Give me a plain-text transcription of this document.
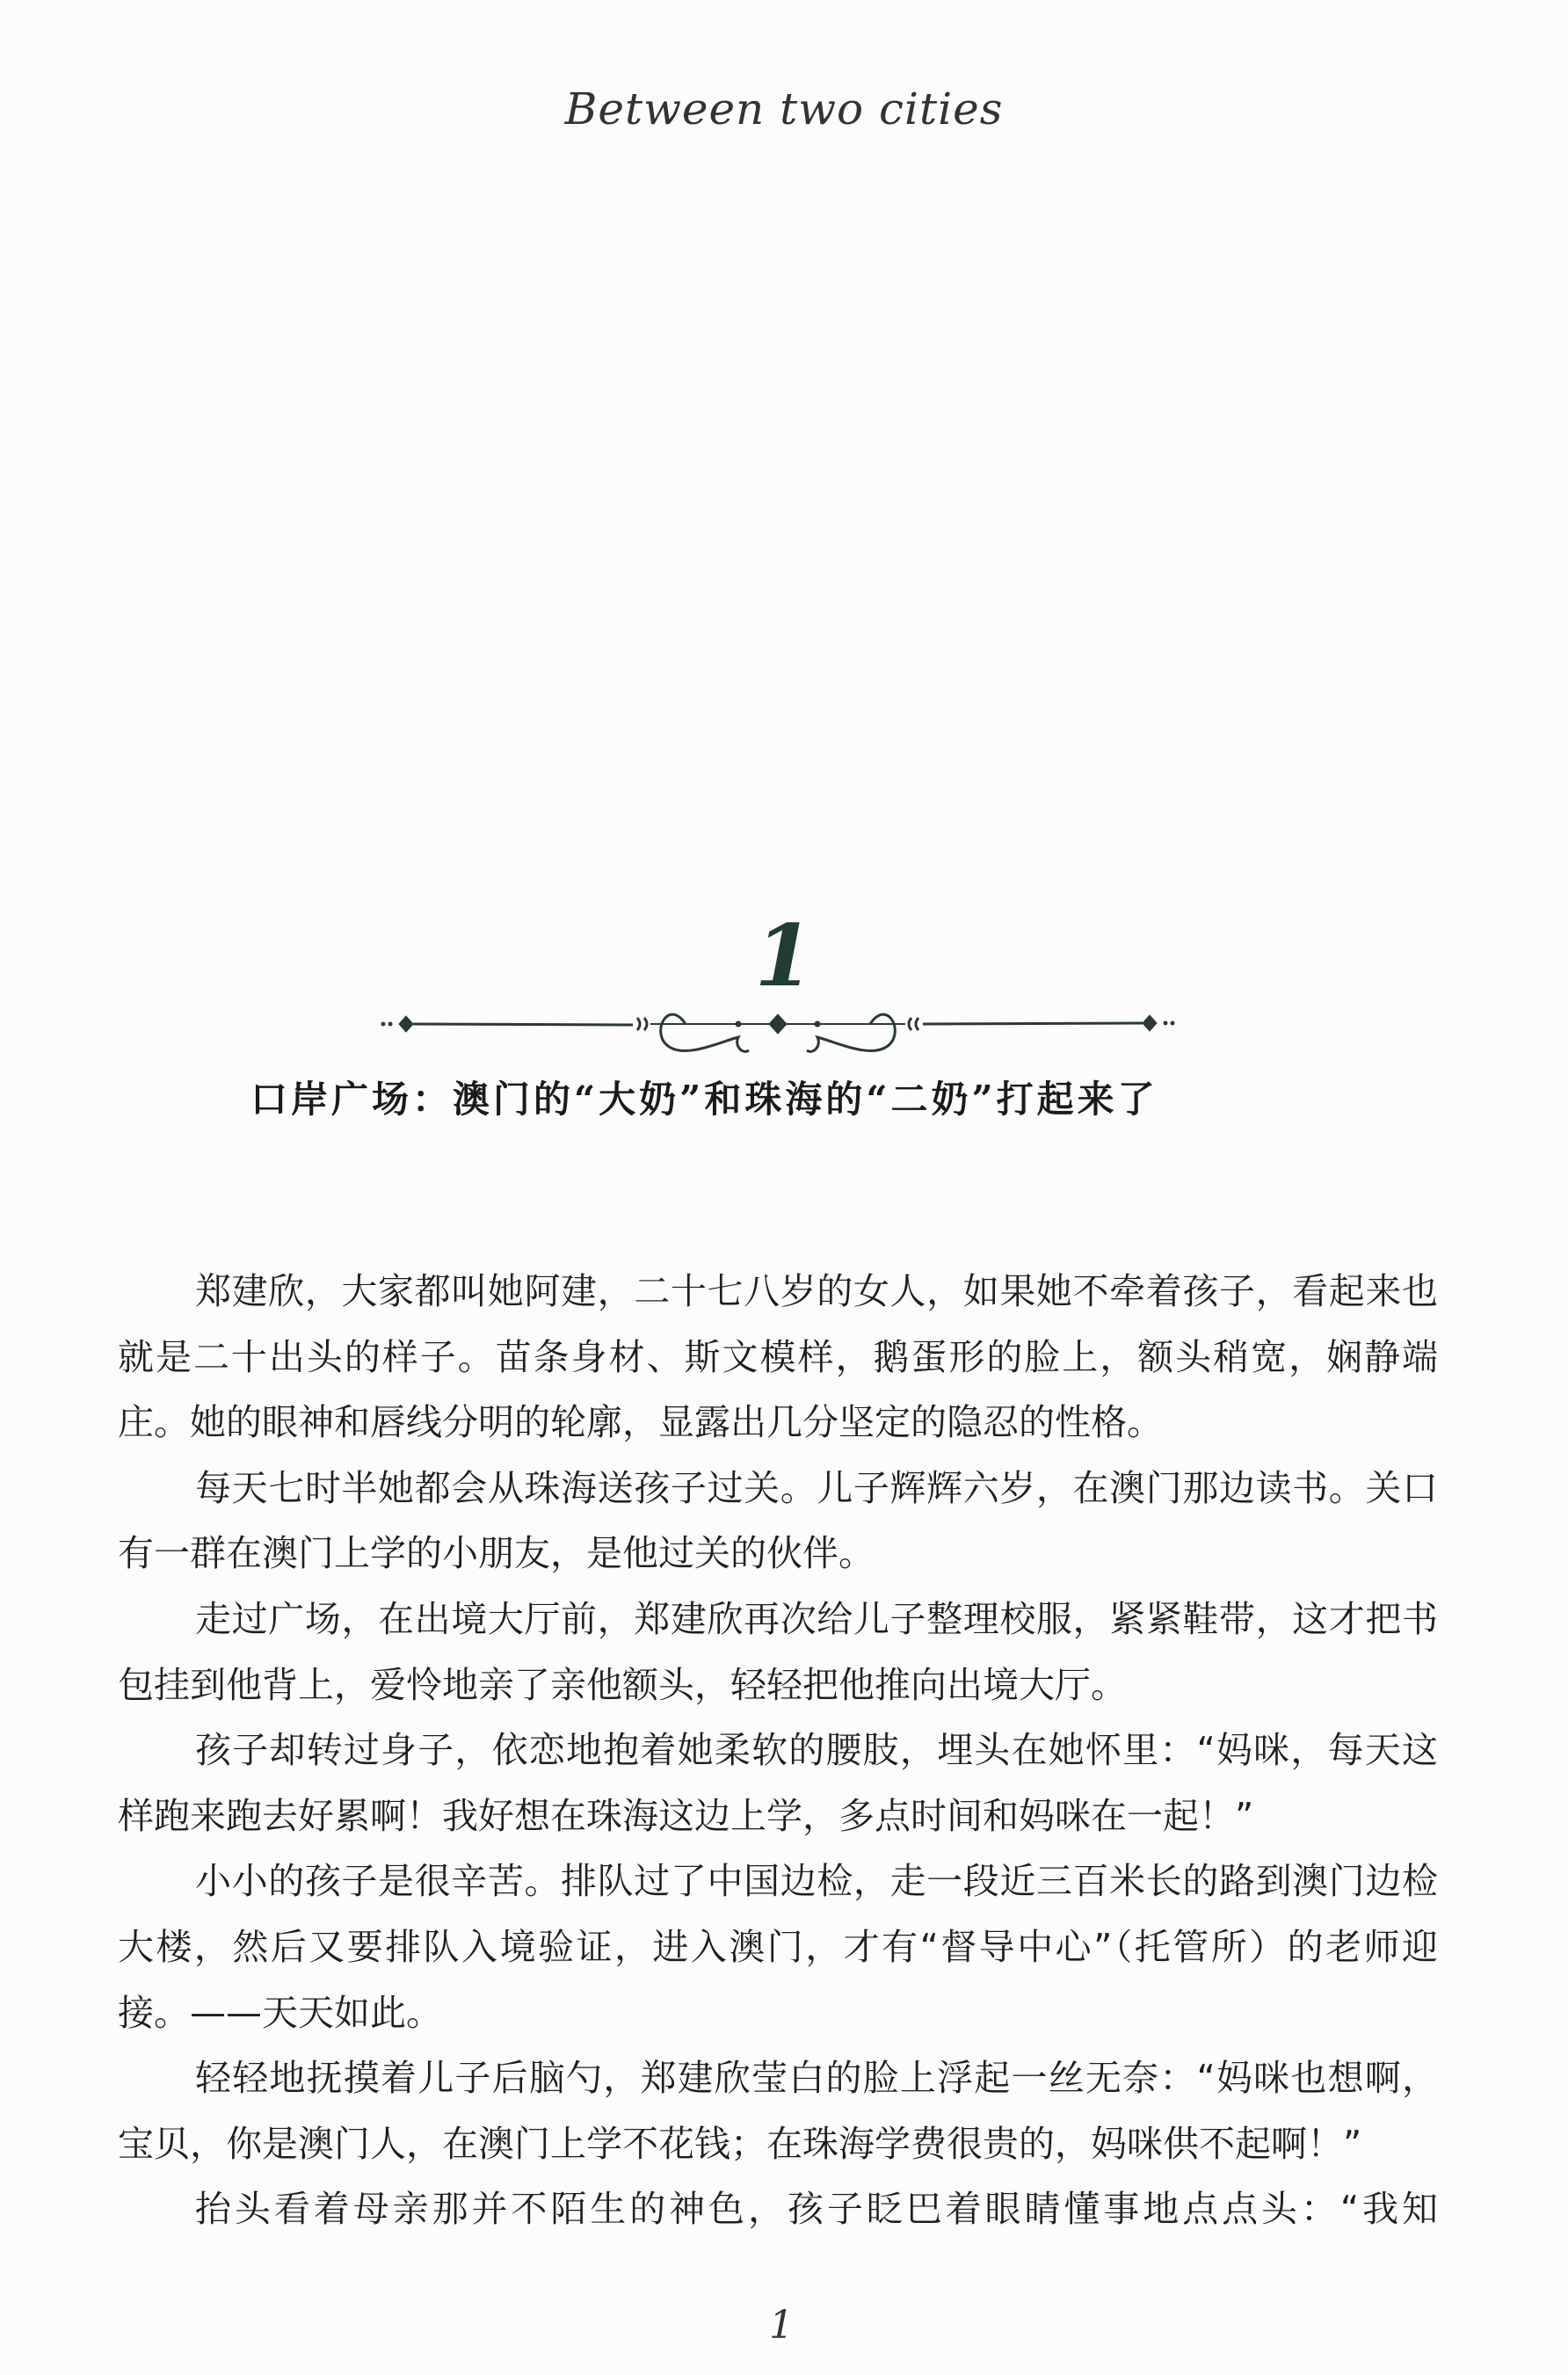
Between two cities
1
口岸广场：澳门的“大奶”和珠海的“二奶”打起来了
郑建欣，大家都叫她阿建，二十七八岁的女人，如果她不牵着孩子，看起来也
就是二十出头的样子。苗条身材、斯文模样，鹅蛋形的脸上，额头稍宽，娴静端
庄。她的眼神和唇线分明的轮廓，显露出几分坚定的隐忍的性格。
每天七时半她都会从珠海送孩子过关。儿子辉辉六岁，在澳门那边读书。关口
有一群在澳门上学的小朋友，是他过关的伙伴。
走过广场，在出境大厅前，郑建欣再次给儿子整理校服，紧紧鞋带，这才把书
包挂到他背上，爱怜地亲了亲他额头，轻轻把他推向出境大厅。
孩子却转过身子，依恋地抱着她柔软的腰肢，埋头在她怀里：“妈咪，每天这
样跑来跑去好累啊！我好想在珠海这边上学，多点时间和妈咪在一起！”
小小的孩子是很辛苦。排队过了中国边检，走一段近三百米长的路到澳门边检
大楼，然后又要排队入境验证，进入澳门，才有“督导中心”（托管所）的老师迎
接。——天天如此。
轻轻地抚摸着儿子后脑勺，郑建欣莹白的脸上浮起一丝无奈：“妈咪也想啊，
宝贝，你是澳门人，在澳门上学不花钱；在珠海学费很贵的，妈咪供不起啊！”
抬头看着母亲那并不陌生的神色，孩子眨巴着眼睛懂事地点点头：“我知
1
